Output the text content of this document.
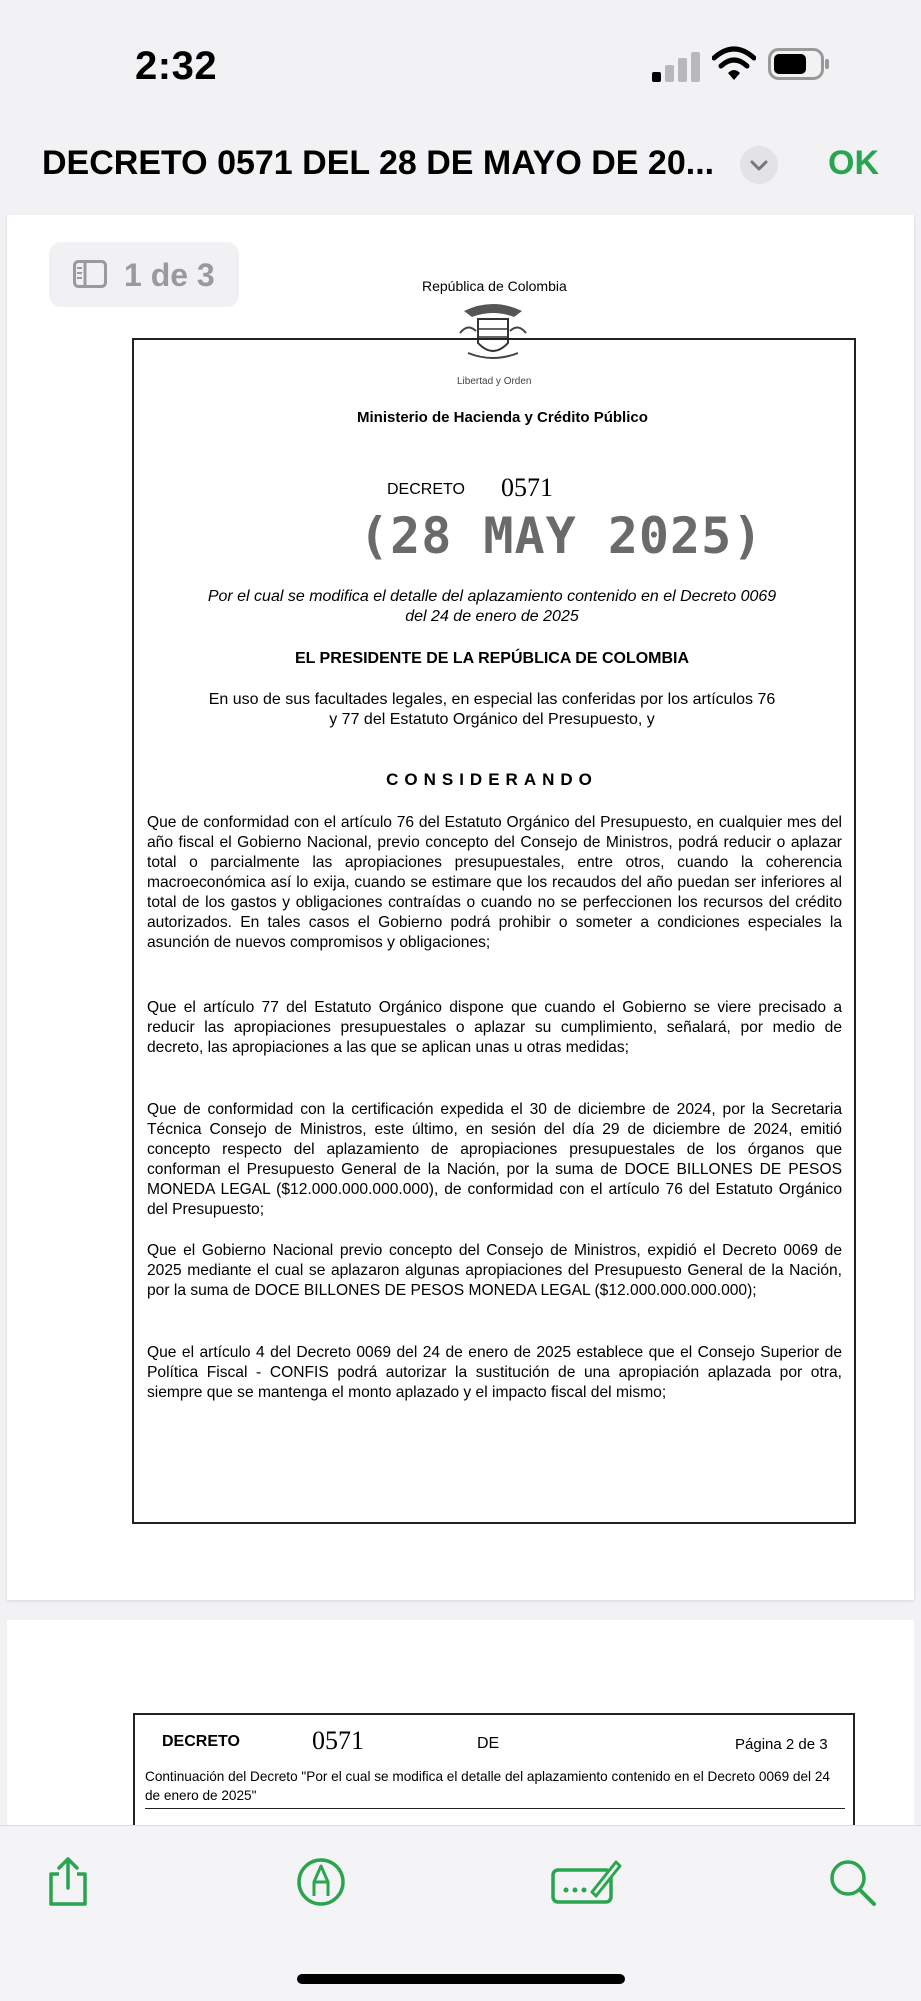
2:32
DECRETO 0571 DEL 28 DE MAYO DE 20...	OK
1 de 3	República de Colombia
Libertad y Orden
Ministerio de Hacienda y Crédito Público
DECRETO 0571
(28 MAY 2025)
Por el cual se modifica el detalle del aplazamiento contenido en el Decreto 0069 del 24 de enero de 2025
EL PRESIDENTE DE LA REPÚBLICA DE COLOMBIA
En uso de sus facultades legales, en especial las conferidas por los artículos 76 y 77 del Estatuto Orgánico del Presupuesto, y
CONSIDERANDO
Que de conformidad con el artículo 76 del Estatuto Orgánico del Presupuesto, en cualquier mes del año fiscal el Gobierno Nacional, previo concepto del Consejo de Ministros, podrá reducir o aplazar total o parcialmente las apropiaciones presupuestales, entre otros, cuando la coherencia macroeconómica así lo exija, cuando se estimare que los recaudos del año puedan ser inferiores al total de los gastos y obligaciones contraídas o cuando no se perfeccionen los recursos del crédito autorizados. En tales casos el Gobierno podrá prohibir o someter a condiciones especiales la asunción de nuevos compromisos y obligaciones;
Que el artículo 77 del Estatuto Orgánico dispone que cuando el Gobierno se viere precisado a reducir las apropiaciones presupuestales o aplazar su cumplimiento, señalará, por medio de decreto, las apropiaciones a las que se aplican unas u otras medidas;
Que de conformidad con la certificación expedida el 30 de diciembre de 2024, por la Secretaria Técnica Consejo de Ministros, este último, en sesión del día 29 de diciembre de 2024, emitió concepto respecto del aplazamiento de apropiaciones presupuestales de los órganos que conforman el Presupuesto General de la Nación, por la suma de DOCE BILLONES DE PESOS MONEDA LEGAL ($12.000.000.000.000), de conformidad con el artículo 76 del Estatuto Orgánico del Presupuesto;
Que el Gobierno Nacional previo concepto del Consejo de Ministros, expidió el Decreto 0069 de 2025 mediante el cual se aplazaron algunas apropiaciones del Presupuesto General de la Nación, por la suma de DOCE BILLONES DE PESOS MONEDA LEGAL ($12.000.000.000.000);
Que el artículo 4 del Decreto 0069 del 24 de enero de 2025 establece que el Consejo Superior de Política Fiscal - CONFIS podrá autorizar la sustitución de una apropiación aplazada por otra, siempre que se mantenga el monto aplazado y el impacto fiscal del mismo;
DECRETO	0571	DE	Página 2 de 3
Continuación del Decreto "Por el cual se modifica el detalle del aplazamiento contenido en el Decreto 0069 del 24 de enero de 2025"
